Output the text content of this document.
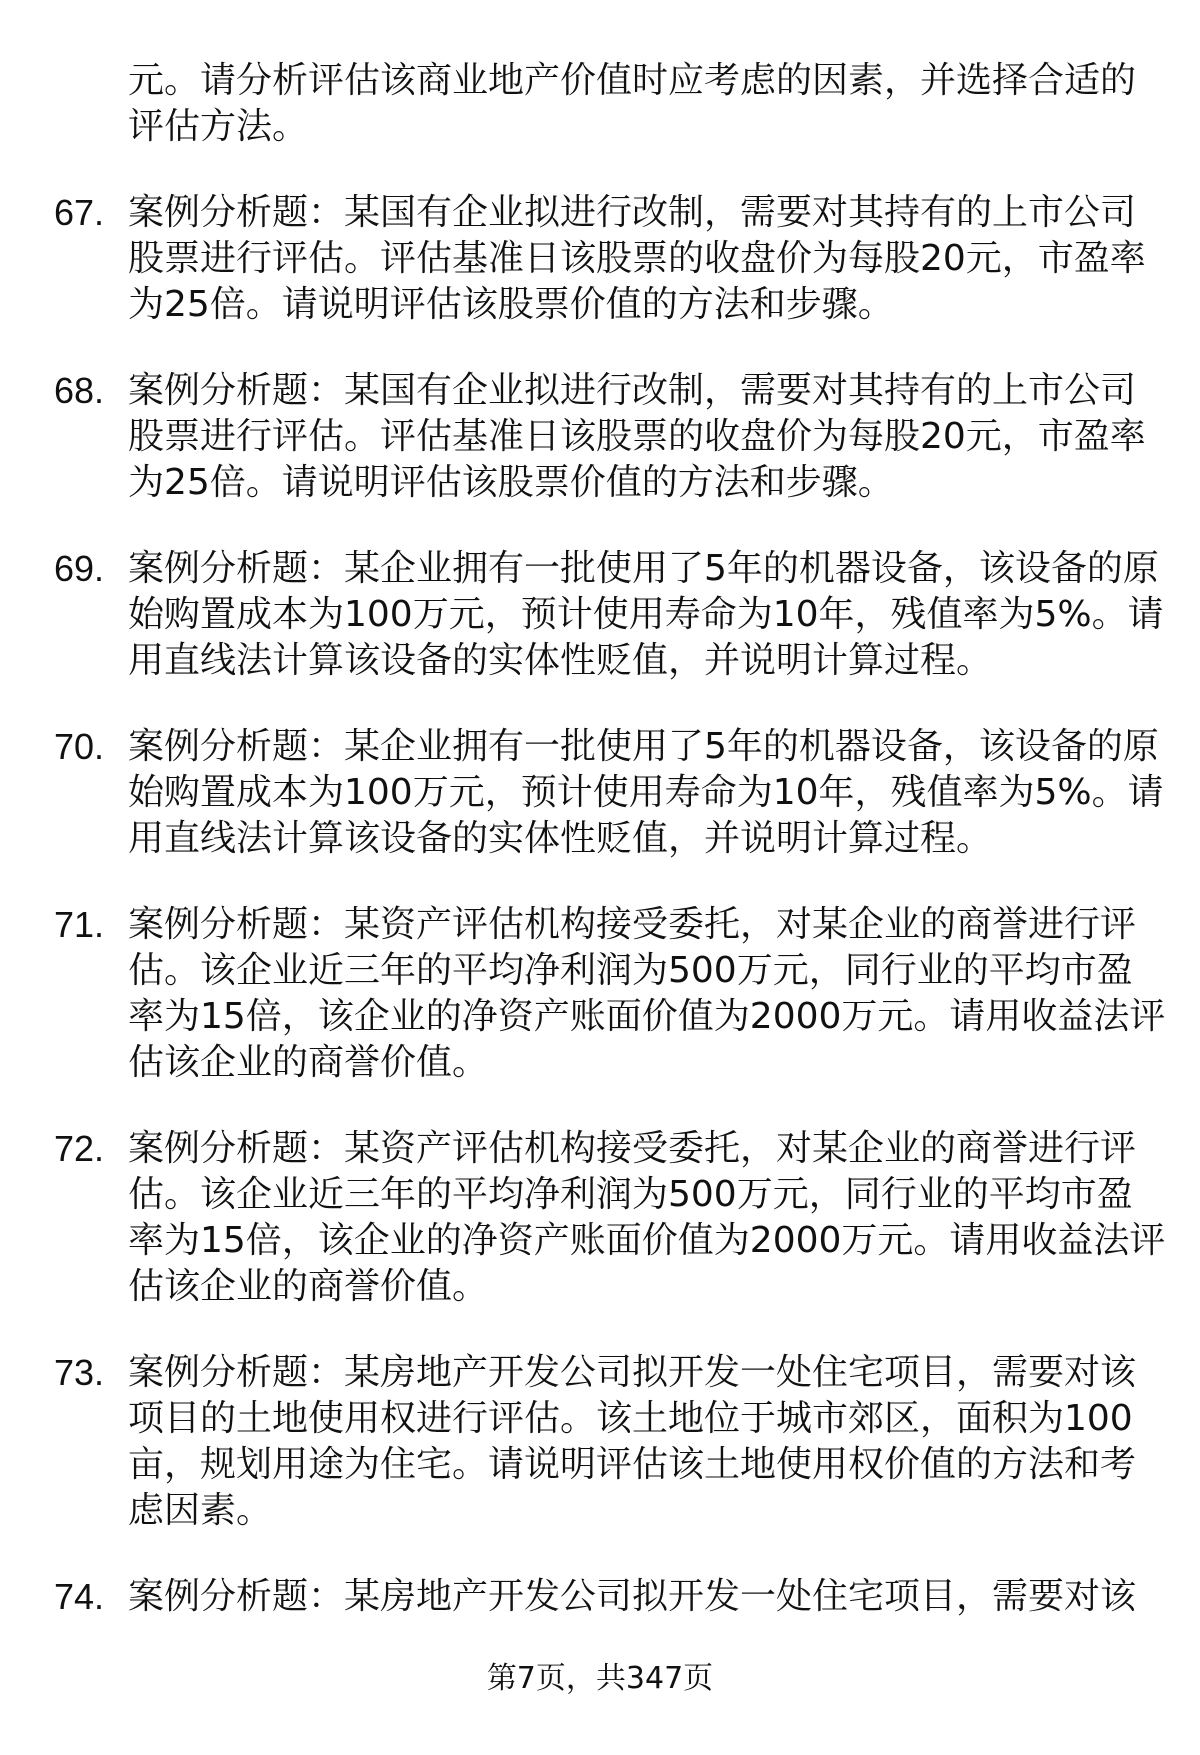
元。请分析评估该商业地产价值时应考虑的因素，并选择合适的评估方法。

67. 案例分析题：某国有企业拟进行改制，需要对其持有的上市公司股票进行评估。评估基准日该股票的收盘价为每股20元，市盈率为25倍。请说明评估该股票价值的方法和步骤。

68. 案例分析题：某国有企业拟进行改制，需要对其持有的上市公司股票进行评估。评估基准日该股票的收盘价为每股20元，市盈率为25倍。请说明评估该股票价值的方法和步骤。

69. 案例分析题：某企业拥有一批使用了5年的机器设备，该设备的原始购置成本为100万元，预计使用寿命为10年，残值率为5%。请用直线法计算该设备的实体性贬值，并说明计算过程。

70. 案例分析题：某企业拥有一批使用了5年的机器设备，该设备的原始购置成本为100万元，预计使用寿命为10年，残值率为5%。请用直线法计算该设备的实体性贬值，并说明计算过程。

71. 案例分析题：某资产评估机构接受委托，对某企业的商誉进行评估。该企业近三年的平均净利润为500万元，同行业的平均市盈率为15倍，该企业的净资产账面价值为2000万元。请用收益法评估该企业的商誉价值。

72. 案例分析题：某资产评估机构接受委托，对某企业的商誉进行评估。该企业近三年的平均净利润为500万元，同行业的平均市盈率为15倍，该企业的净资产账面价值为2000万元。请用收益法评估该企业的商誉价值。

73. 案例分析题：某房地产开发公司拟开发一处住宅项目，需要对该项目的土地使用权进行评估。该土地位于城市郊区，面积为100亩，规划用途为住宅。请说明评估该土地使用权价值的方法和考虑因素。

74. 案例分析题：某房地产开发公司拟开发一处住宅项目，需要对该

第7页，共347页
